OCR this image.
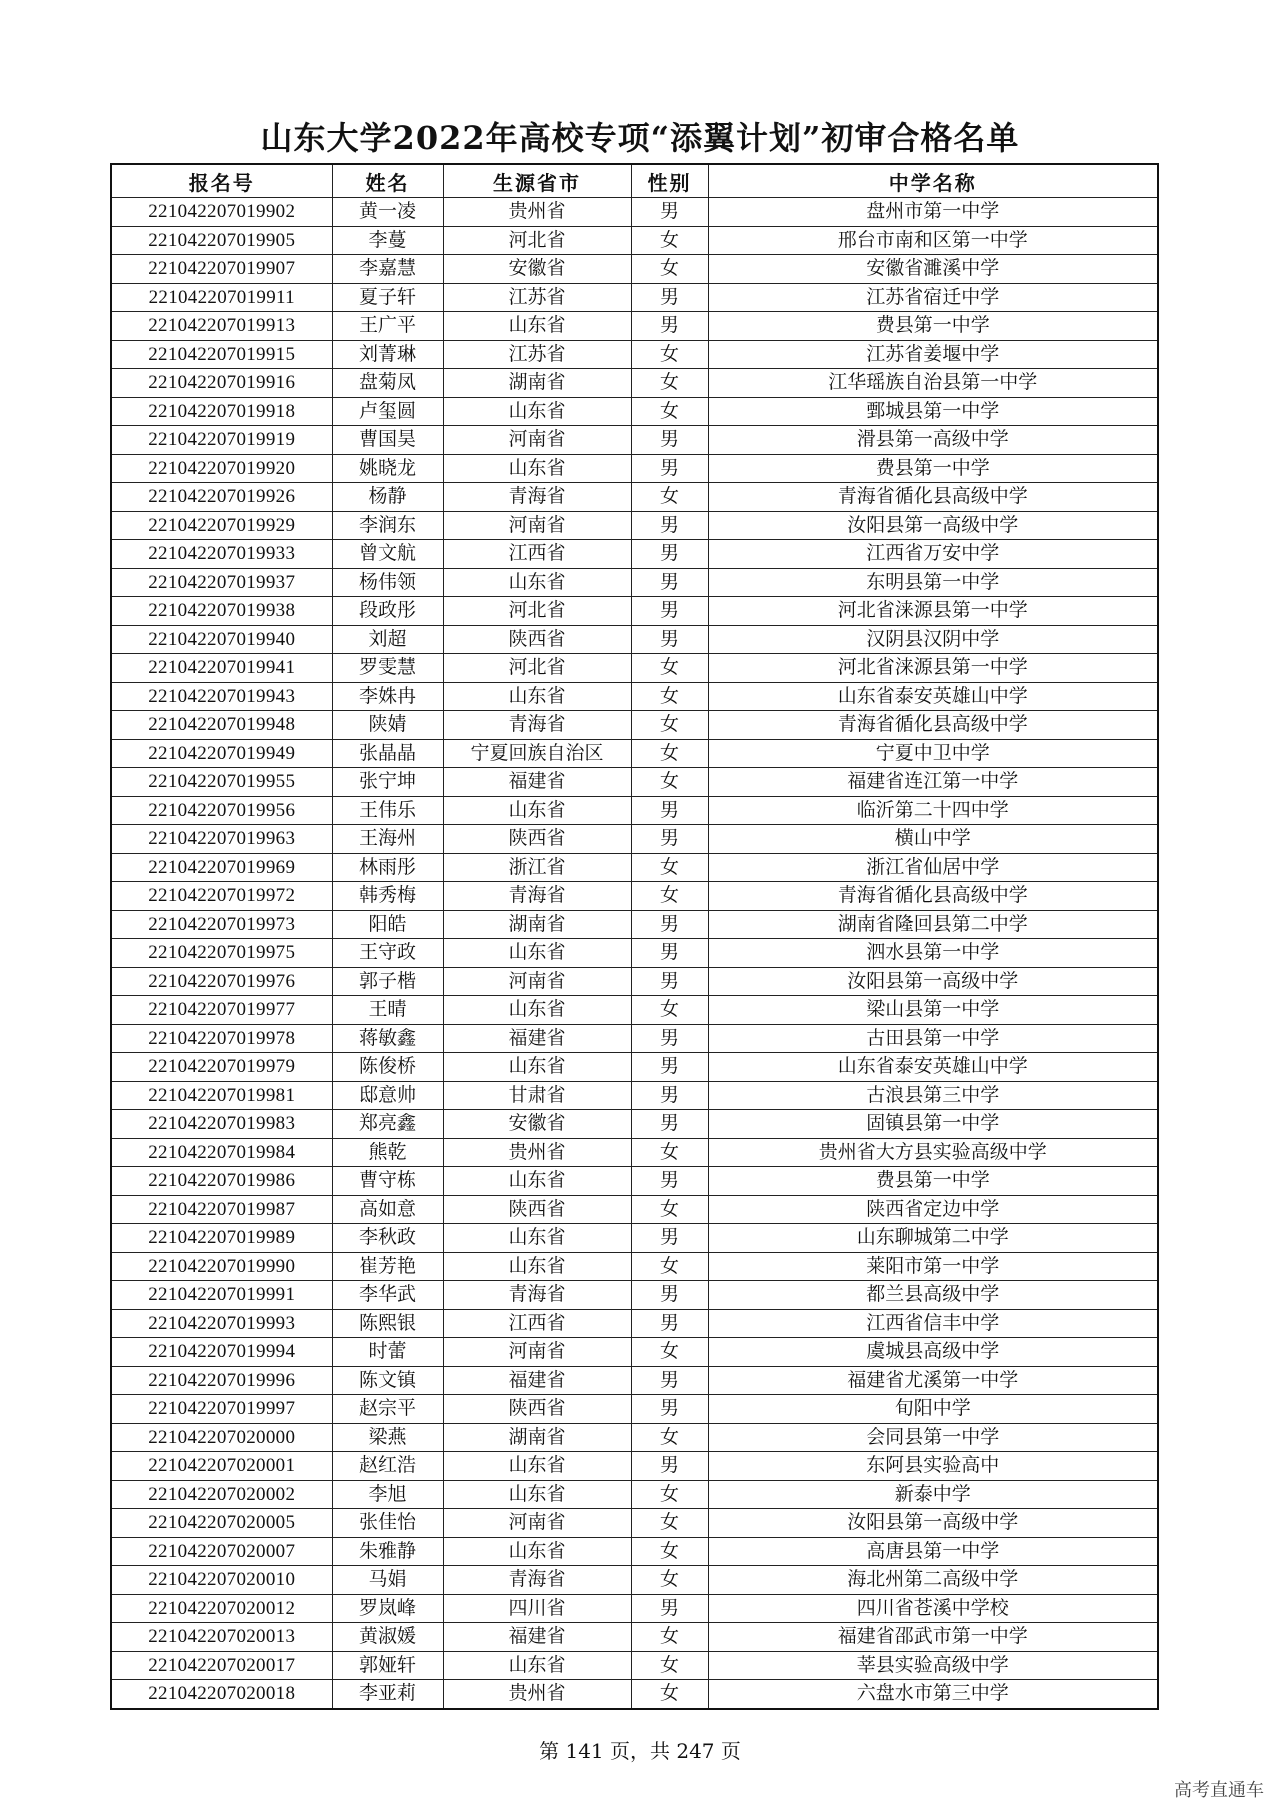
山东大学2022年高校专项“添翼计划”初审合格名单
报名号	姓名	生源省市	性别	中学名称
221042207019902	黄一凌	贵州省	男	盘州市第一中学
221042207019905	李蔓	河北省	女	邢台市南和区第一中学
221042207019907	李嘉慧	安徽省	女	安徽省濉溪中学
221042207019911	夏子轩	江苏省	男	江苏省宿迁中学
221042207019913	王广平	山东省	男	费县第一中学
221042207019915	刘菁琳	江苏省	女	江苏省姜堰中学
221042207019916	盘菊凤	湖南省	女	江华瑶族自治县第一中学
221042207019918	卢玺圆	山东省	女	鄄城县第一中学
221042207019919	曹国昊	河南省	男	滑县第一高级中学
221042207019920	姚晓龙	山东省	男	费县第一中学
221042207019926	杨静	青海省	女	青海省循化县高级中学
221042207019929	李润东	河南省	男	汝阳县第一高级中学
221042207019933	曾文航	江西省	男	江西省万安中学
221042207019937	杨伟领	山东省	男	东明县第一中学
221042207019938	段政彤	河北省	男	河北省涞源县第一中学
221042207019940	刘超	陕西省	男	汉阴县汉阴中学
221042207019941	罗雯慧	河北省	女	河北省涞源县第一中学
221042207019943	李姝冉	山东省	女	山东省泰安英雄山中学
221042207019948	陕婧	青海省	女	青海省循化县高级中学
221042207019949	张晶晶	宁夏回族自治区	女	宁夏中卫中学
221042207019955	张宁坤	福建省	女	福建省连江第一中学
221042207019956	王伟乐	山东省	男	临沂第二十四中学
221042207019963	王海州	陕西省	男	横山中学
221042207019969	林雨彤	浙江省	女	浙江省仙居中学
221042207019972	韩秀梅	青海省	女	青海省循化县高级中学
221042207019973	阳皓	湖南省	男	湖南省隆回县第二中学
221042207019975	王守政	山东省	男	泗水县第一中学
221042207019976	郭子楷	河南省	男	汝阳县第一高级中学
221042207019977	王晴	山东省	女	梁山县第一中学
221042207019978	蒋敏鑫	福建省	男	古田县第一中学
221042207019979	陈俊桥	山东省	男	山东省泰安英雄山中学
221042207019981	邸意帅	甘肃省	男	古浪县第三中学
221042207019983	郑亮鑫	安徽省	男	固镇县第一中学
221042207019984	熊乾	贵州省	女	贵州省大方县实验高级中学
221042207019986	曹守栋	山东省	男	费县第一中学
221042207019987	高如意	陕西省	女	陕西省定边中学
221042207019989	李秋政	山东省	男	山东聊城第二中学
221042207019990	崔芳艳	山东省	女	莱阳市第一中学
221042207019991	李华武	青海省	男	都兰县高级中学
221042207019993	陈熙银	江西省	男	江西省信丰中学
221042207019994	时蕾	河南省	女	虞城县高级中学
221042207019996	陈文镇	福建省	男	福建省尤溪第一中学
221042207019997	赵宗平	陕西省	男	旬阳中学
221042207020000	梁燕	湖南省	女	会同县第一中学
221042207020001	赵红浩	山东省	男	东阿县实验高中
221042207020002	李旭	山东省	女	新泰中学
221042207020005	张佳怡	河南省	女	汝阳县第一高级中学
221042207020007	朱雅静	山东省	女	高唐县第一中学
221042207020010	马娟	青海省	女	海北州第二高级中学
221042207020012	罗岚峰	四川省	男	四川省苍溪中学校
221042207020013	黄淑媛	福建省	女	福建省邵武市第一中学
221042207020017	郭娅轩	山东省	女	莘县实验高级中学
221042207020018	李亚莉	贵州省	女	六盘水市第三中学
第 141 页，共 247 页
高考直通车
